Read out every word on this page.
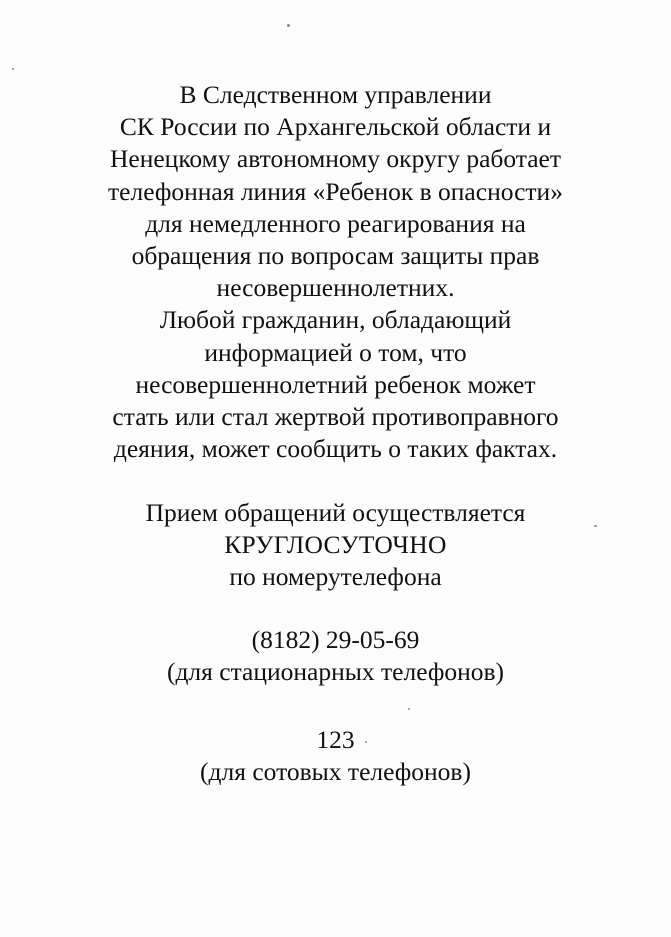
В Следственном управлении
СК России по Архангельской области и
Ненецкому автономному округу работает
телефонная линия «Ребенок в опасности»
для немедленного реагирования на
обращения по вопросам защиты прав
несовершеннолетних.
Любой гражданин, обладающий
информацией о том, что
несовершеннолетний ребенок может
стать или стал жертвой противоправного
деяния, может сообщить о таких фактах.
Прием обращений осуществляется
КРУГЛОСУТОЧНО
по номерутелефона
(8182) 29-05-69
(для стационарных телефонов)
123
(для сотовых телефонов)
